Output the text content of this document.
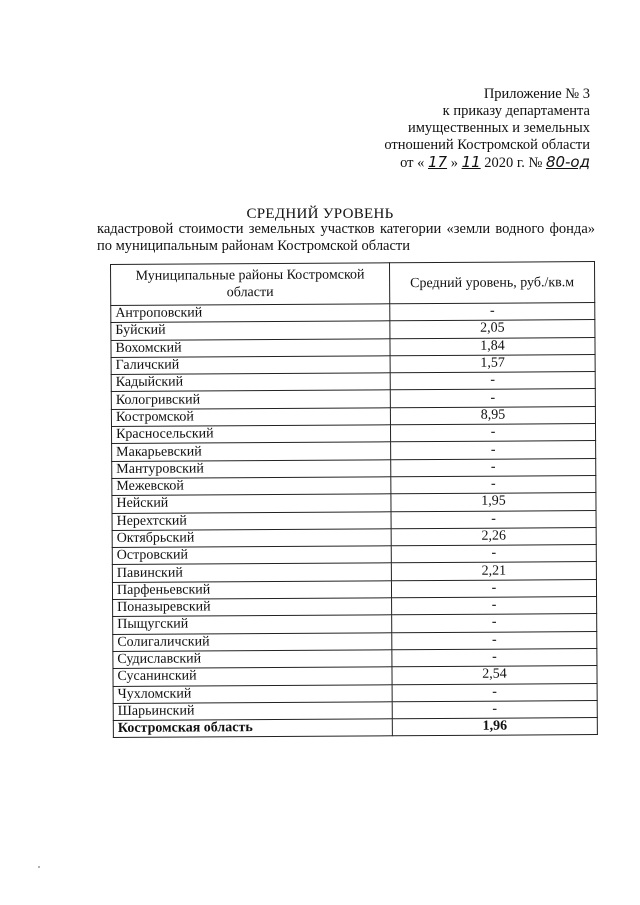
Приложение № 3
к приказу департамента
имущественных и земельных
отношений Костромской области
от « 17 » 11 2020 г. № 80-од
СРЕДНИЙ УРОВЕНЬ
кадастровой стоимости земельных участков категории «земли водного фонда» по муниципальным районам Костромской области
Муниципальные районы Костромской области	Средний уровень, руб./кв.м
Антроповский	-
Буйский	2,05
Вохомский	1,84
Галичский	1,57
Кадыйский	-
Кологривский	-
Костромской	8,95
Красносельский	-
Макарьевский	-
Мантуровский	-
Межевской	-
Нейский	1,95
Нерехтский	-
Октябрьский	2,26
Островский	-
Павинский	2,21
Парфеньевский	-
Поназыревский	-
Пыщугский	-
Солигаличский	-
Судиславский	-
Сусанинский	2,54
Чухломский	-
Шарьинский	-
Костромская область	1,96
